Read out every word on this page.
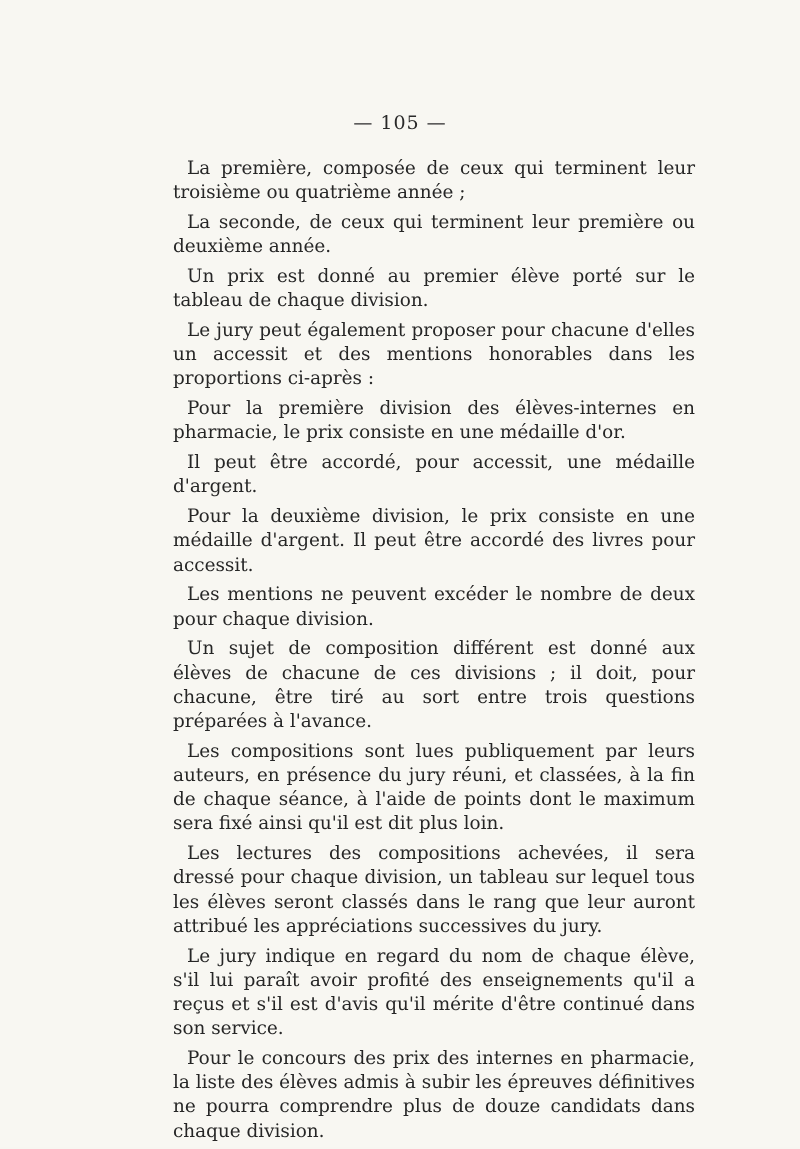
— 105 —

La première, composée de ceux qui terminent leur troisième ou quatrième année ;

La seconde, de ceux qui terminent leur première ou deuxième année.

Un prix est donné au premier élève porté sur le tableau de chaque division.

Le jury peut également proposer pour chacune d'elles un accessit et des mentions honorables dans les proportions ci-après :

Pour la première division des élèves-internes en pharmacie, le prix consiste en une médaille d'or.

Il peut être accordé, pour accessit, une médaille d'argent.

Pour la deuxième division, le prix consiste en une médaille d'argent. Il peut être accordé des livres pour accessit.

Les mentions ne peuvent excéder le nombre de deux pour chaque division.

Un sujet de composition différent est donné aux élèves de chacune de ces divisions ; il doit, pour chacune, être tiré au sort entre trois questions préparées à l'avance.

Les compositions sont lues publiquement par leurs auteurs, en présence du jury réuni, et classées, à la fin de chaque séance, à l'aide de points dont le maximum sera fixé ainsi qu'il est dit plus loin.

Les lectures des compositions achevées, il sera dressé pour chaque division, un tableau sur lequel tous les élèves seront classés dans le rang que leur auront attribué les appréciations successives du jury.

Le jury indique en regard du nom de chaque élève, s'il lui paraît avoir profité des enseignements qu'il a reçus et s'il est d'avis qu'il mérite d'être continué dans son service.

Pour le concours des prix des internes en pharmacie, la liste des élèves admis à subir les épreuves définitives ne pourra comprendre plus de douze candidats dans chaque division.
